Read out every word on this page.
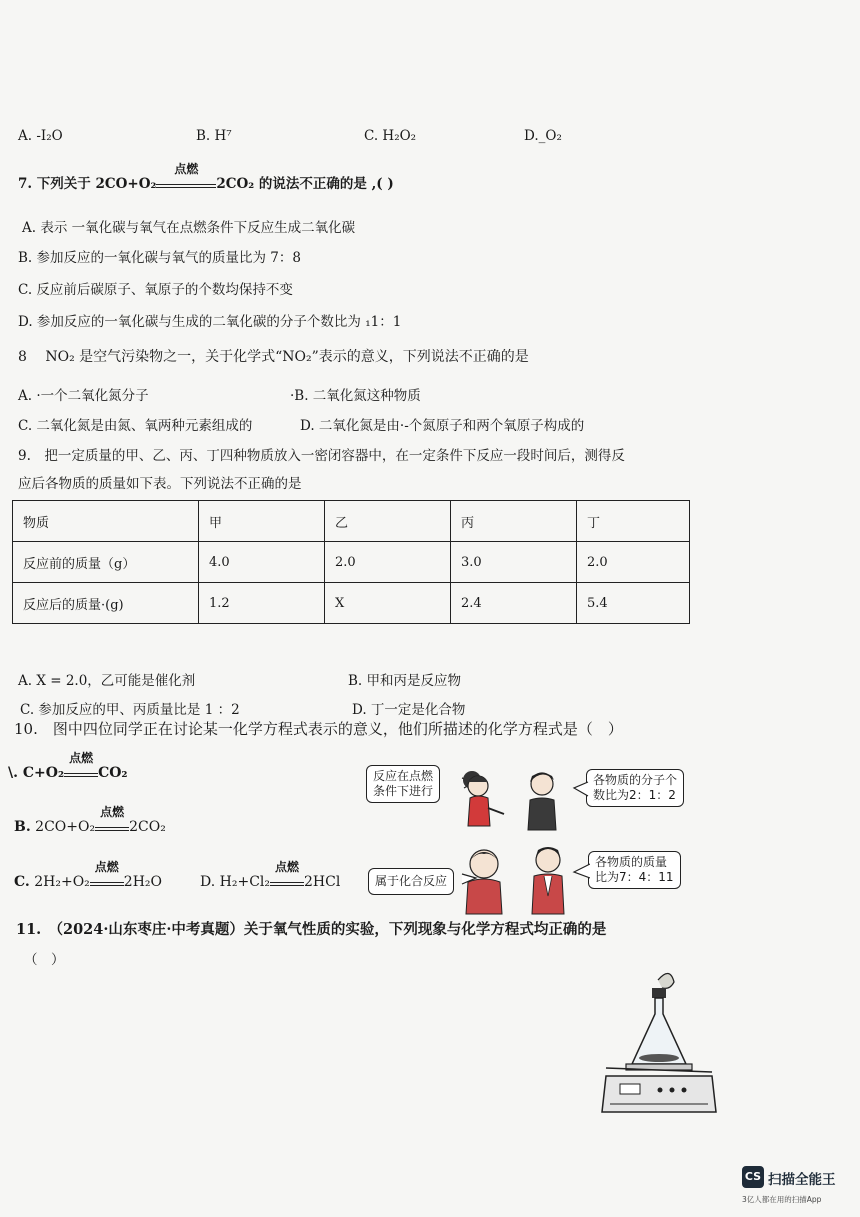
A. -I₂O	B. H⁷	C. H₂O₂	D._O₂
7. 下列关于 2CO+O₂
点燃
2CO₂ 的说法不正确的是 ,( )
A. 表示 一氧化碳与氧气在点燃条件下反应生成二氧化碳
B. 参加反应的一氧化碳与氧气的质量比为 7：8
C. 反应前后碳原子、氧原子的个数均保持不变
D. 参加反应的一氧化碳与生成的二氧化碳的分子个数比为 ₁1：1
8　 NO₂ 是空气污染物之一，关于化学式“NO₂”表示的意义，下列说法不正确的是
A. ·一个二氧化氮分子	·B. 二氧化氮这种物质
C. 二氧化氮是由氮、氧两种元素组成的	D. 二氧化氮是由·-个氮原子和两个氧原子构成的
9.　把一定质量的甲、乙、丙、丁四种物质放入一密闭容器中，在一定条件下反应一段时间后，测得反
应后各物质的质量如下表。下列说法不正确的是
物质	甲	乙	丙	丁
反应前的质量（g）	4.0	2.0	3.0	2.0
反应后的质量·(g)	1.2	X	2.4	5.4
A. X = 2.0，乙可能是催化剂	B. 甲和丙是反应物
C. 参加反应的甲、丙质量比是 1 ：2	D. 丁一定是化合物
10.　图中四位同学正在讨论某一化学方程式表示的意义，他们所描述的化学方程式是（　）
\. C+O₂
点燃
CO₂
B. 2CO+O₂
点燃
2CO₂
C. 2H₂+O₂
点燃
2H₂O	D. H₂+Cl₂
点燃
2HCl
反应在点燃
条件下进行
各物质的分子个
数比为2：1：2
属于化合反应
各物质的质量
比为7：4：11
11.　（2024·山东枣庄·中考真题）关于氧气性质的实验，下列现象与化学方程式均正确的是
（　）
CS 扫描全能王
3亿人都在用的扫描App
